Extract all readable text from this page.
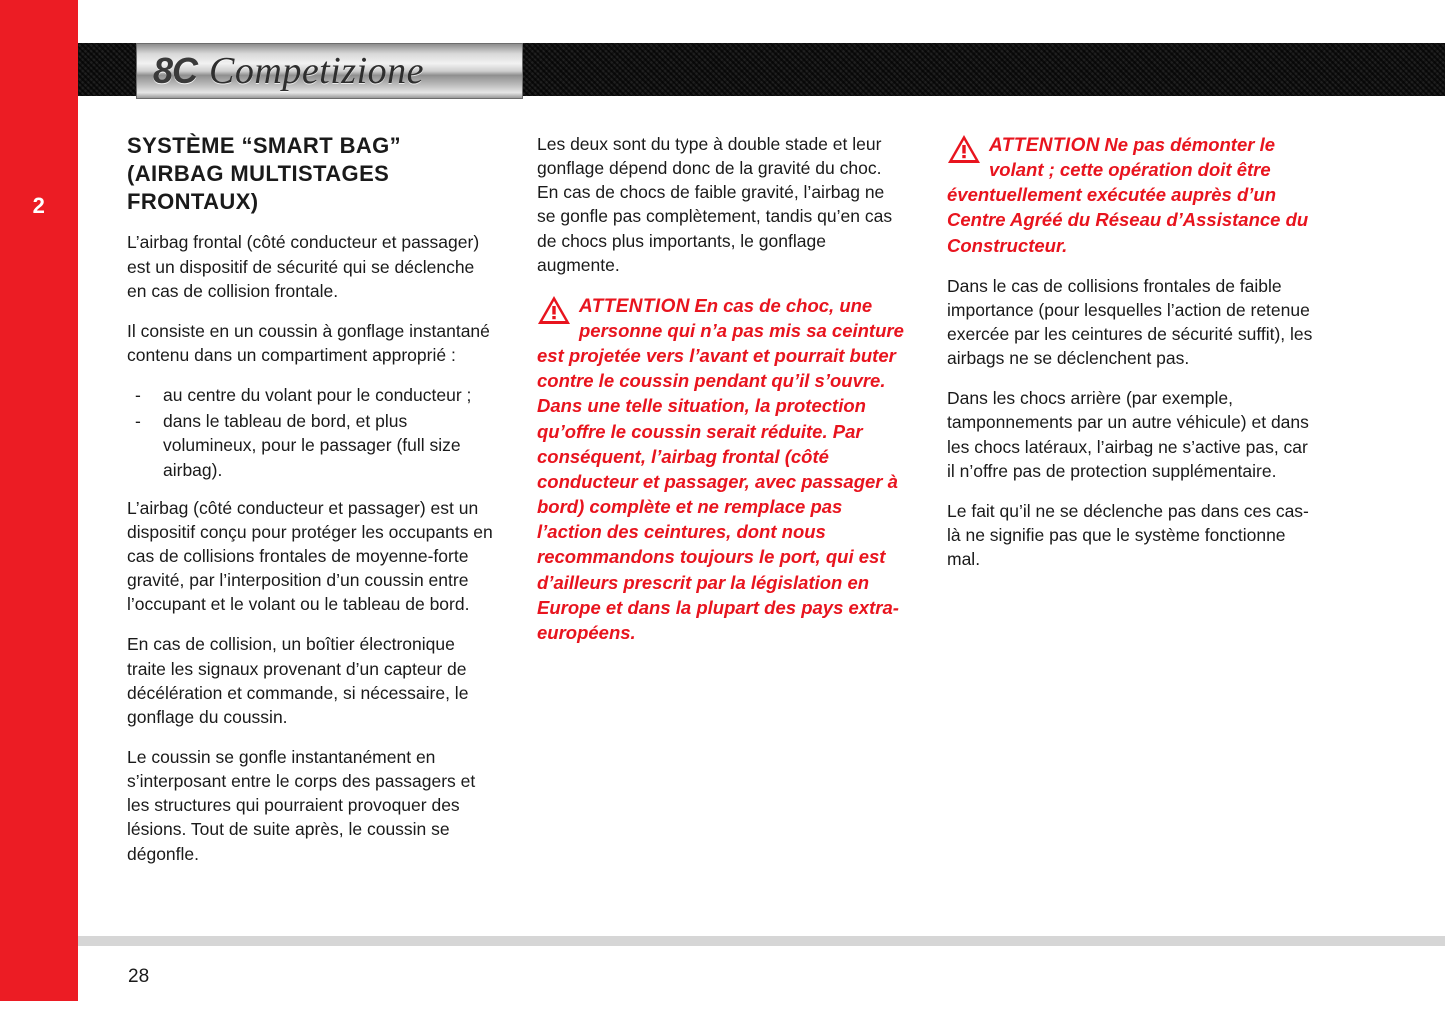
2
8C Competizione
SYSTÈME “SMART BAG” (AIRBAG MULTISTAGES FRONTAUX)

L’airbag frontal (côté conducteur et passager) est un dispositif de sécurité qui se déclenche en cas de collision frontale.

Il consiste en un coussin à gonflage instantané contenu dans un compartiment approprié :

- au centre du volant pour le conducteur ;
- dans le tableau de bord, et plus volumineux, pour le passager (full size airbag).

L’airbag (côté conducteur et passager) est un dispositif conçu pour protéger les occupants en cas de collisions frontales de moyenne-forte gravité, par l’interposition d’un coussin entre l’occupant et le volant ou le tableau de bord.

En cas de collision, un boîtier électronique traite les signaux provenant d’un capteur de décélération et commande, si nécessaire, le gonflage du coussin.

Le coussin se gonfle instantanément en s’interposant entre le corps des passagers et les structures qui pourraient provoquer des lésions. Tout de suite après, le coussin se dégonfle.

Les deux sont du type à double stade et leur gonflage dépend donc de la gravité du choc. En cas de chocs de faible gravité, l’airbag ne se gonfle pas complètement, tandis qu’en cas de chocs plus importants, le gonflage augmente.

ATTENTION En cas de choc, une personne qui n’a pas mis sa ceinture est projetée vers l’avant et pourrait buter contre le coussin pendant qu’il s’ouvre. Dans une telle situation, la protection qu’offre le coussin serait réduite. Par conséquent, l’airbag frontal (côté conducteur et passager, avec passager à bord) complète et ne remplace pas l’action des ceintures, dont nous recommandons toujours le port, qui est d’ailleurs prescrit par la législation en Europe et dans la plupart des pays extra-européens.
ATTENTION Ne pas démonter le volant ; cette opération doit être éventuellement exécutée auprès d’un Centre Agréé du Réseau d’Assistance du Constructeur.

Dans le cas de collisions frontales de faible importance (pour lesquelles l’action de retenue exercée par les ceintures de sécurité suffit), les airbags ne se déclenchent pas.

Dans les chocs arrière (par exemple, tamponnements par un autre véhicule) et dans les chocs latéraux, l’airbag ne s’active pas, car il n’offre pas de protection supplémentaire.

Le fait qu’il ne se déclenche pas dans ces cas-là ne signifie pas que le système fonctionne mal.

28
